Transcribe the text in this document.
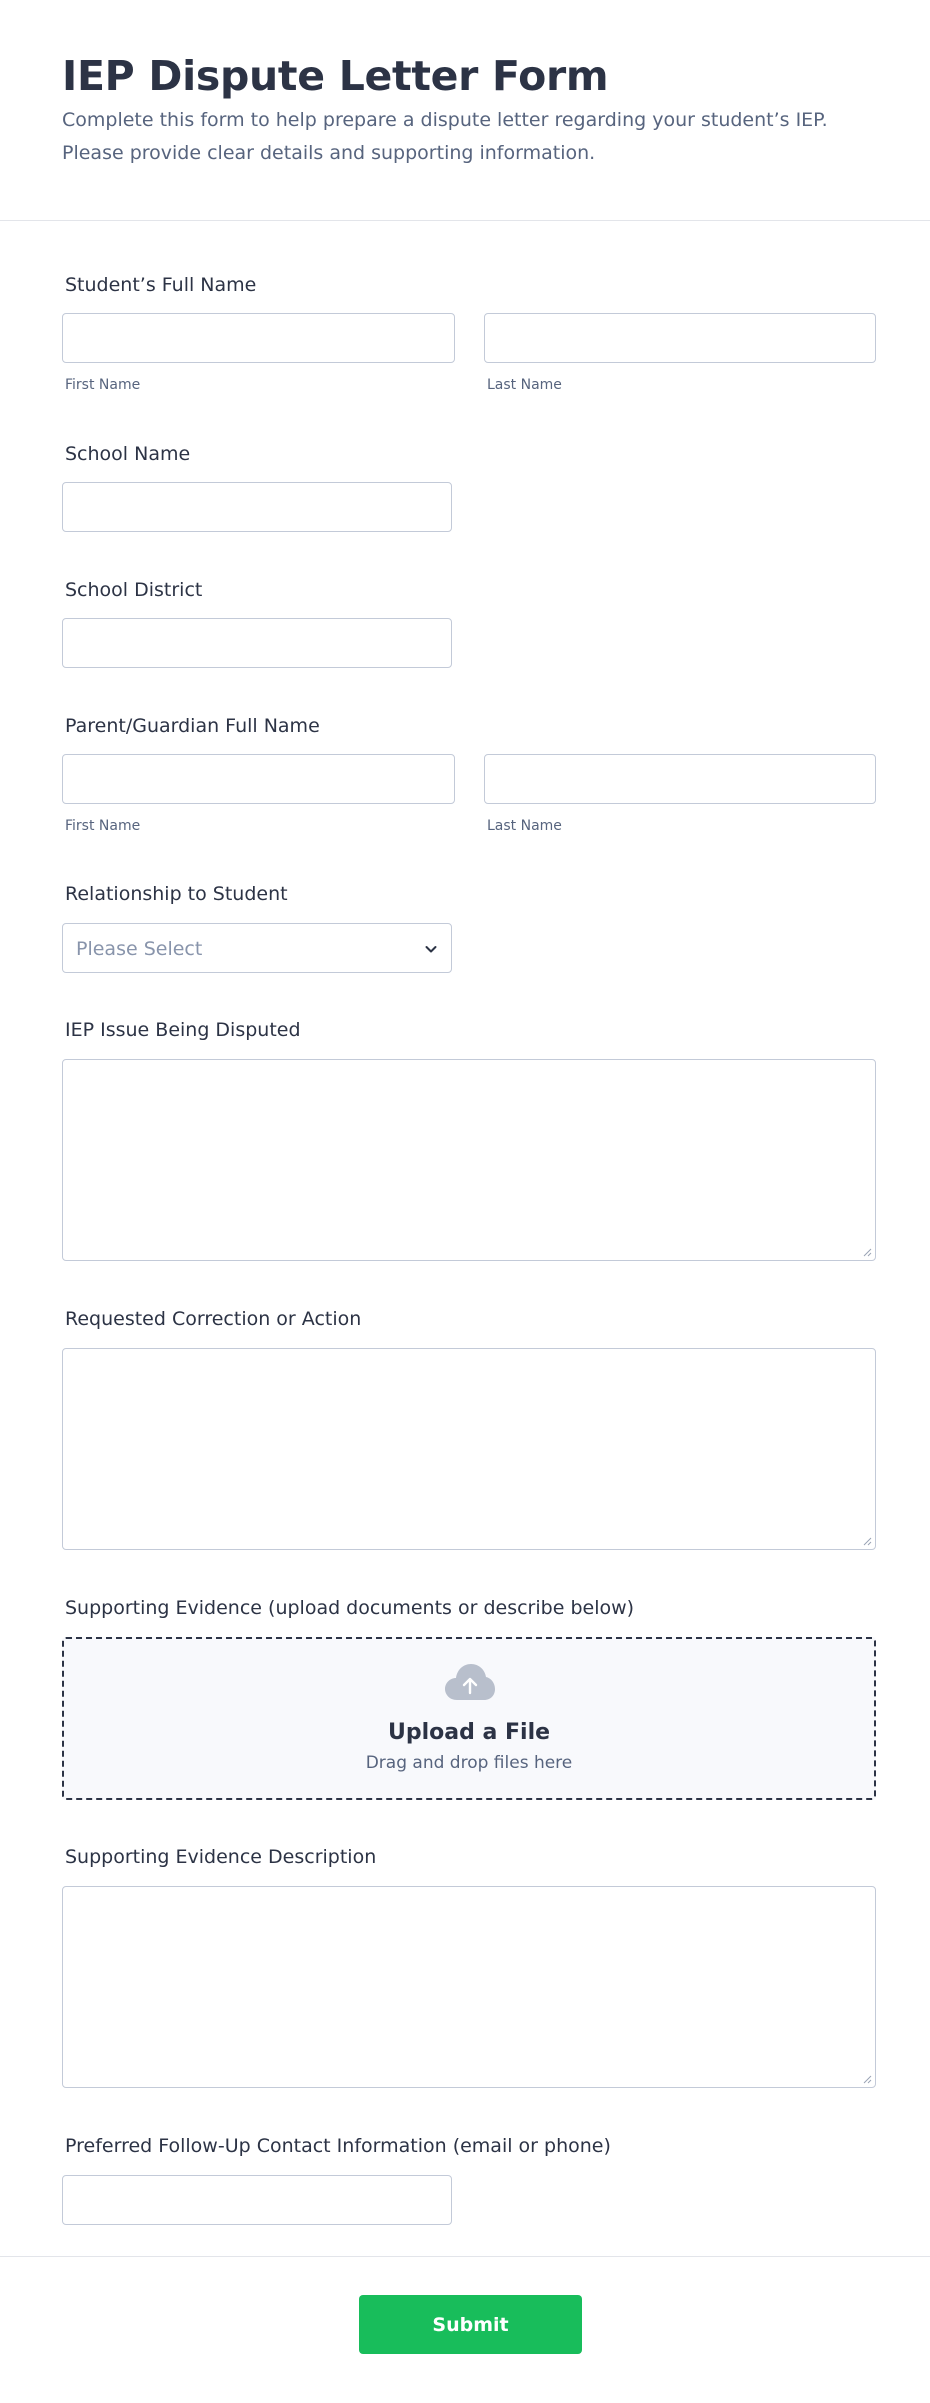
IEP Dispute Letter Form

Complete this form to help prepare a dispute letter regarding your student’s IEP. Please provide clear details and supporting information.

Student’s Full Name
First Name	Last Name
School Name
School District
Parent/Guardian Full Name
First Name	Last Name
Relationship to Student
Please Select
IEP Issue Being Disputed
Requested Correction or Action
Supporting Evidence (upload documents or describe below)
Upload a File
Drag and drop files here
Supporting Evidence Description
Preferred Follow-Up Contact Information (email or phone)
Submit
